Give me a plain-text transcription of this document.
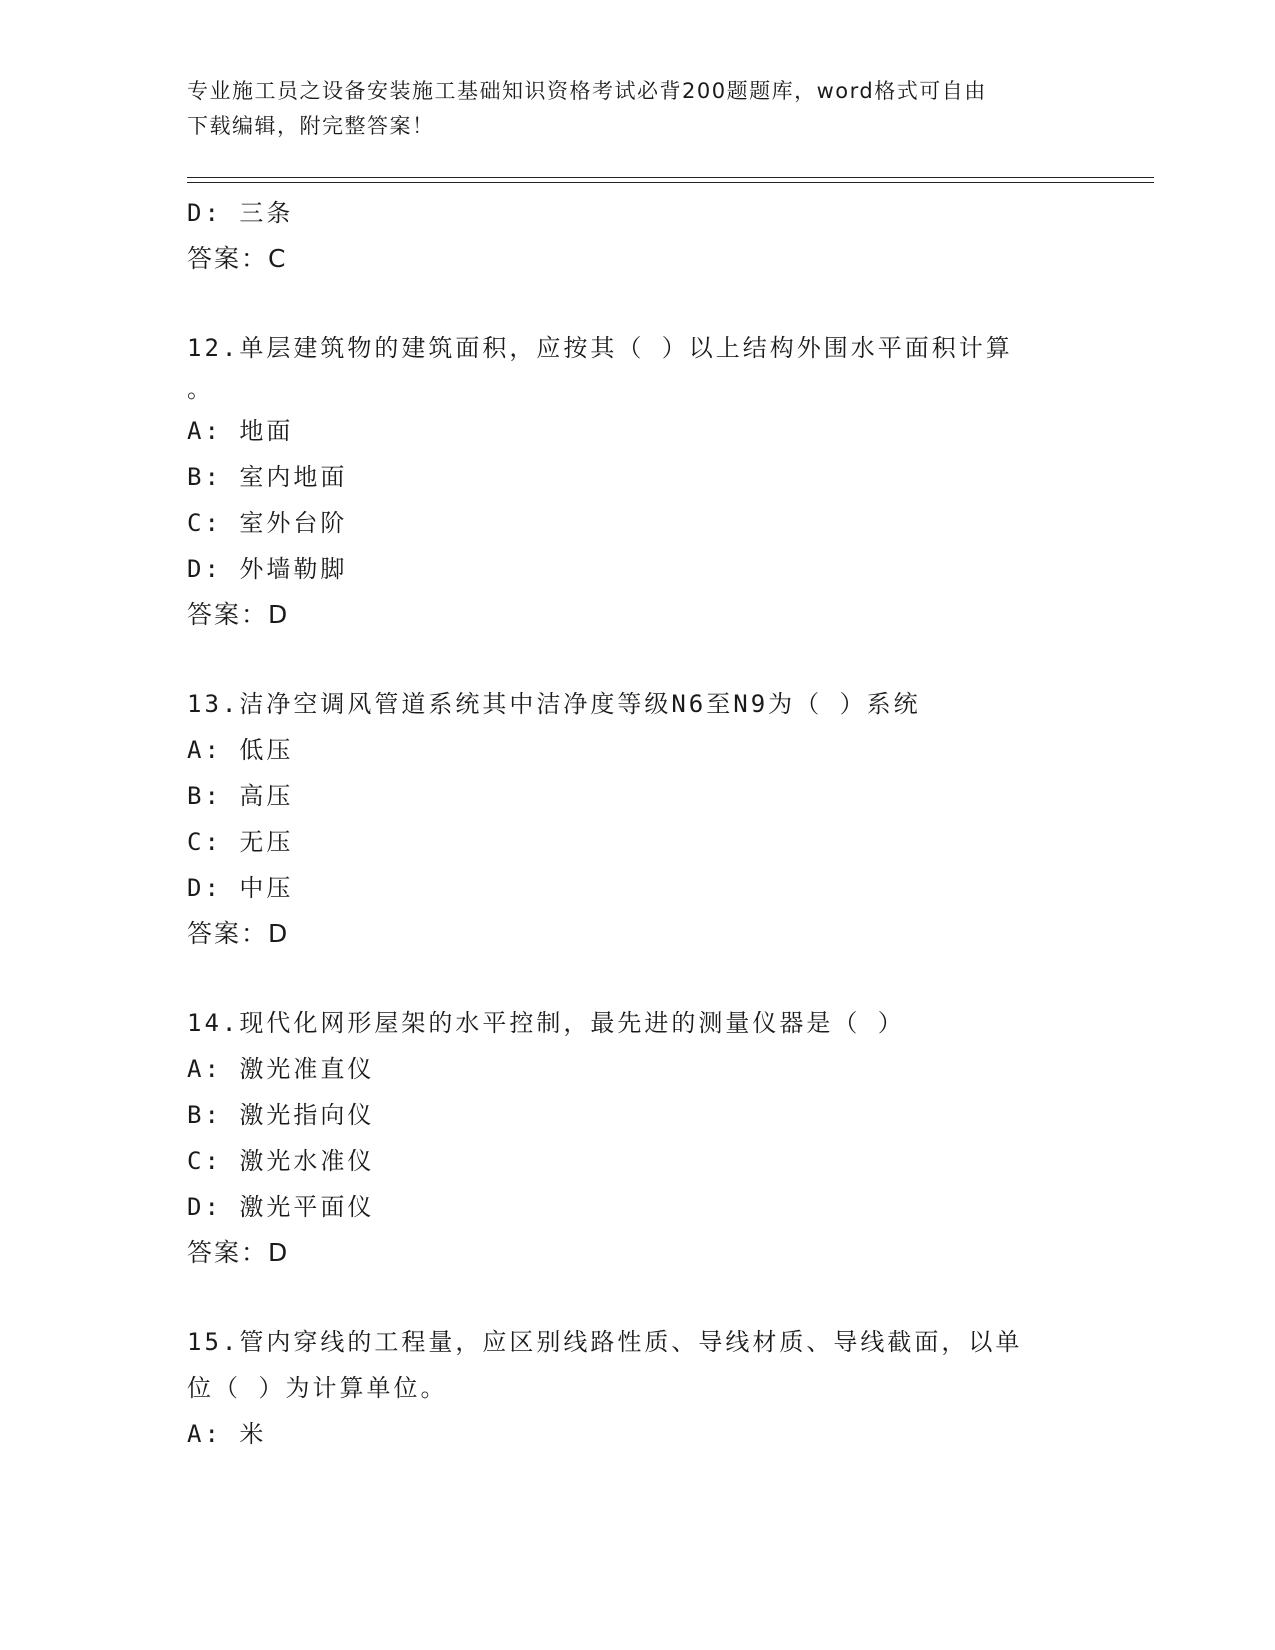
专业施工员之设备安装施工基础知识资格考试必背200题题库，word格式可自由
下载编辑，附完整答案！
D: 三条
答案：C
12.单层建筑物的建筑面积，应按其（ ）以上结构外围水平面积计算
。
A: 地面
B: 室内地面
C: 室外台阶
D: 外墙勒脚
答案：D
13.洁净空调风管道系统其中洁净度等级N6至N9为（ ）系统
A: 低压
B: 高压
C: 无压
D: 中压
答案：D
14.现代化网形屋架的水平控制，最先进的测量仪器是（ ）
A: 激光准直仪
B: 激光指向仪
C: 激光水准仪
D: 激光平面仪
答案：D
15.管内穿线的工程量，应区别线路性质、导线材质、导线截面，以单
位（ ）为计算单位。
A: 米
